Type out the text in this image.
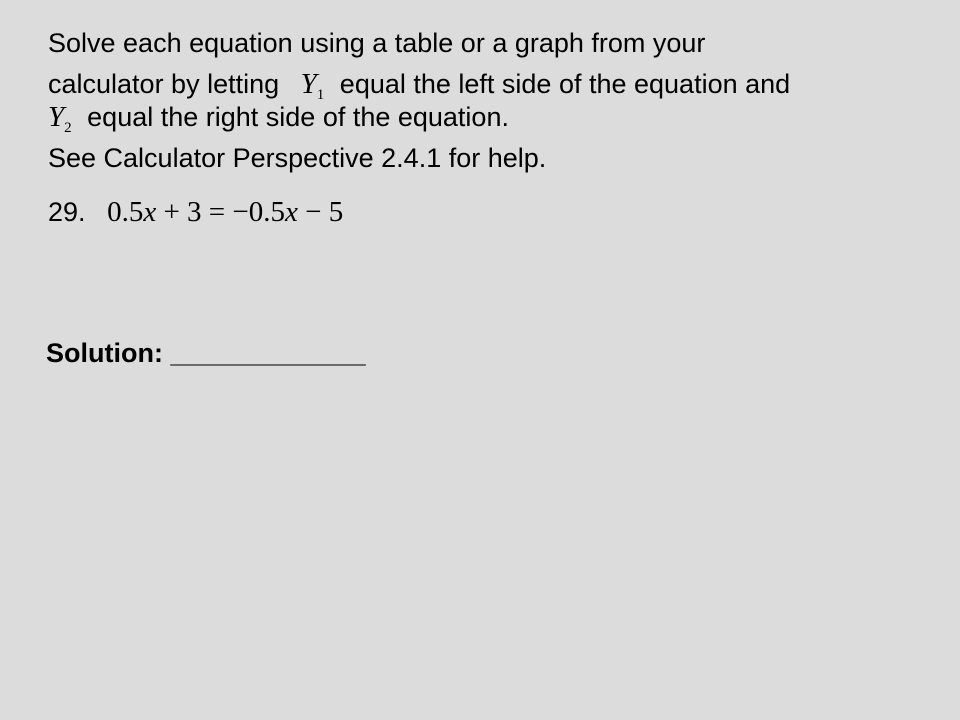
Solve each equation using a table or a graph from your
calculator by letting $Y_1$ equal the left side of the equation and
$Y_2$ equal the right side of the equation.
See Calculator Perspective 2.4.1 for help.
29. 0.5x + 3 = −0.5x − 5
Solution: _____________
